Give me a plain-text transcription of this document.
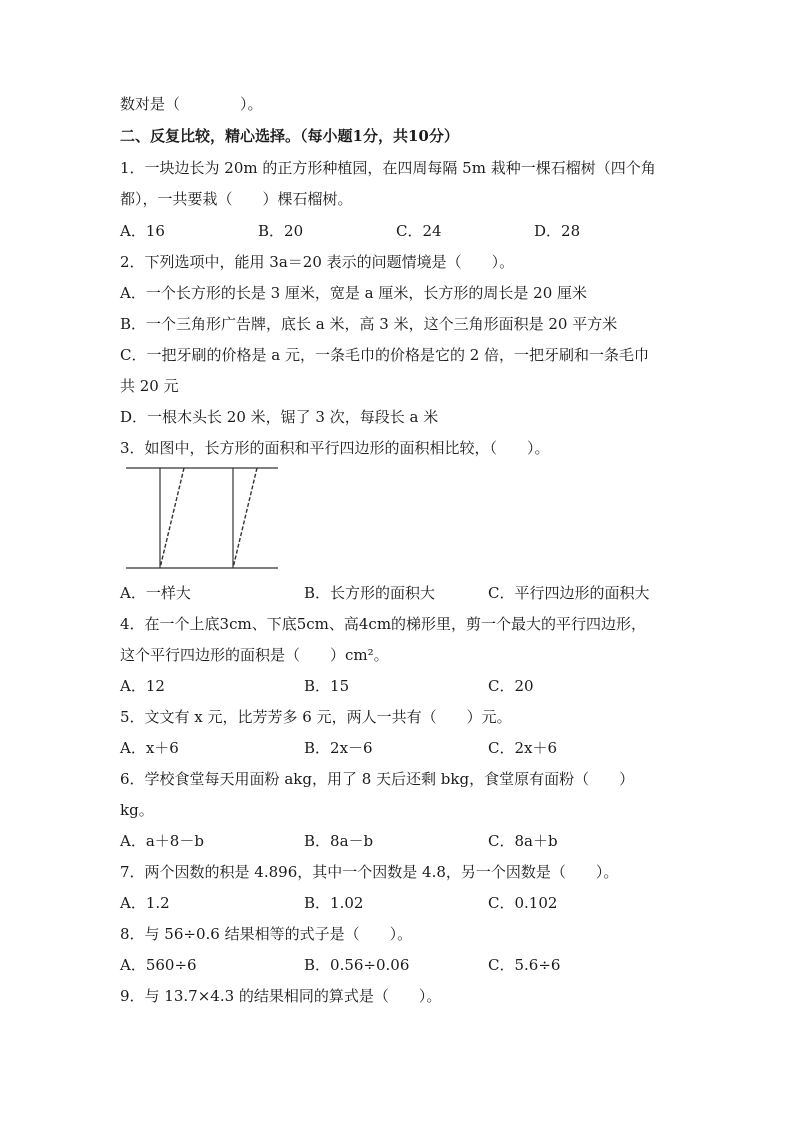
数对是（　　　　）。
二、反复比较，精心选择。（每小题1分，共10分）
1．一块边长为 20m 的正方形种植园，在四周每隔 5m 栽种一棵石榴树（四个角
都），一共要栽（　　）棵石榴树。
A．16	B．20	C．24	D．28
2．下列选项中，能用 3a＝20 表示的问题情境是（　　）。
A．一个长方形的长是 3 厘米，宽是 a 厘米，长方形的周长是 20 厘米
B．一个三角形广告牌，底长 a 米，高 3 米，这个三角形面积是 20 平方米
C．一把牙刷的价格是 a 元，一条毛巾的价格是它的 2 倍，一把牙刷和一条毛巾
共 20 元
D．一根木头长 20 米，锯了 3 次，每段长 a 米
3．如图中，长方形的面积和平行四边形的面积相比较，（　　）。
A．一样大	B．长方形的面积大	C．平行四边形的面积大
4．在一个上底3cm、下底5cm、高4cm的梯形里，剪一个最大的平行四边形，
这个平行四边形的面积是（　　）cm²。
A．12	B．15	C．20
5．文文有 x 元，比芳芳多 6 元，两人一共有（　　）元。
A．x＋6	B．2x－6	C．2x＋6
6．学校食堂每天用面粉 akg，用了 8 天后还剩 bkg，食堂原有面粉（　　）
kg。
A．a＋8－b	B．8a－b	C．8a＋b
7．两个因数的积是 4.896，其中一个因数是 4.8，另一个因数是（　　）。
A．1.2	B．1.02	C．0.102
8．与 56÷0.6 结果相等的式子是（　　）。
A．560÷6	B．0.56÷0.06	C．5.6÷6
9．与 13.7×4.3 的结果相同的算式是（　　）。
